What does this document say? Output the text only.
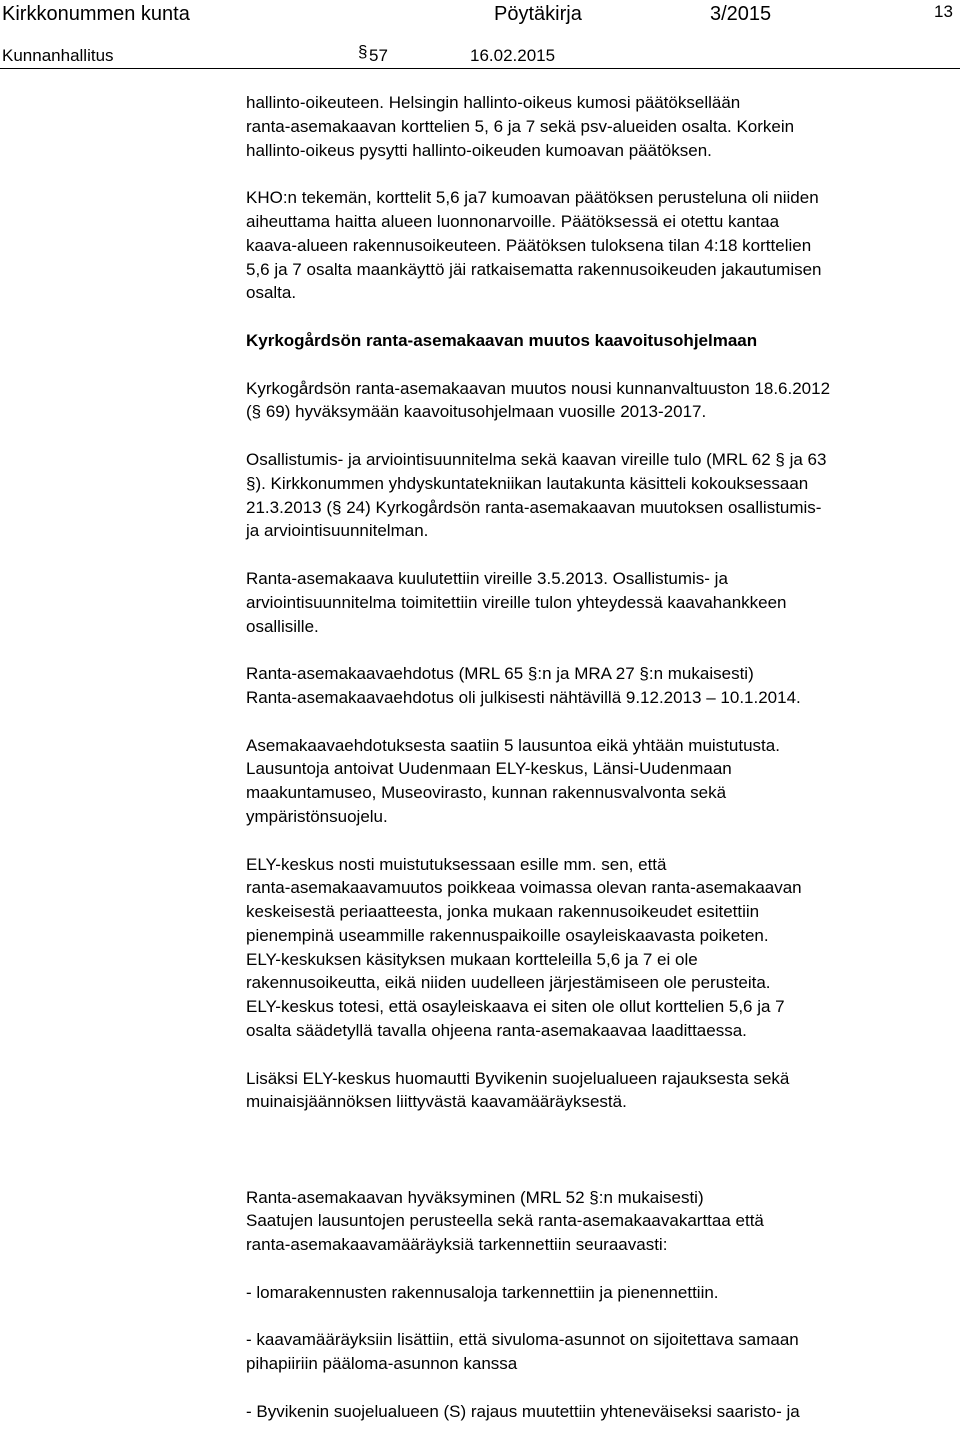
Kirkkonummen kunta	Pöytäkirja	3/2015	13
Kunnanhallitus	§ 57	16.02.2015
hallinto-oikeuteen. Helsingin hallinto-oikeus kumosi päätöksellään
ranta-asemakaavan korttelien 5, 6 ja 7 sekä psv-alueiden osalta. Korkein
hallinto-oikeus pysytti hallinto-oikeuden kumoavan päätöksen.
KHO:n tekemän, korttelit 5,6 ja7 kumoavan päätöksen perusteluna oli niiden
aiheuttama haitta alueen luonnonarvoille. Päätöksessä ei otettu kantaa
kaava-alueen rakennusoikeuteen. Päätöksen tuloksena tilan 4:18 korttelien
5,6 ja 7 osalta maankäyttö jäi ratkaisematta rakennusoikeuden jakautumisen
osalta.
Kyrkogårdsön ranta-asemakaavan muutos kaavoitusohjelmaan
Kyrkogårdsön ranta-asemakaavan muutos nousi kunnanvaltuuston 18.6.2012
(§ 69) hyväksymään kaavoitusohjelmaan vuosille 2013-2017.
Osallistumis- ja arviointisuunnitelma sekä kaavan vireille tulo (MRL 62 § ja 63
§). Kirkkonummen yhdyskuntatekniikan lautakunta käsitteli kokouksessaan
21.3.2013 (§ 24) Kyrkogårdsön ranta-asemakaavan muutoksen osallistumis-
ja arviointisuunnitelman.
Ranta-asemakaava kuulutettiin vireille 3.5.2013. Osallistumis- ja
arviointisuunnitelma toimitettiin vireille tulon yhteydessä kaavahankkeen
osallisille.
Ranta-asemakaavaehdotus (MRL 65 §:n ja MRA 27 §:n mukaisesti)
Ranta-asemakaavaehdotus oli julkisesti nähtävillä 9.12.2013 – 10.1.2014.
Asemakaavaehdotuksesta saatiin 5 lausuntoa eikä yhtään muistutusta.
Lausuntoja antoivat Uudenmaan ELY-keskus, Länsi-Uudenmaan
maakuntamuseo, Museovirasto, kunnan rakennusvalvonta sekä
ympäristönsuojelu.
ELY-keskus nosti muistutuksessaan esille mm. sen, että
ranta-asemakaavamuutos poikkeaa voimassa olevan ranta-asemakaavan
keskeisestä periaatteesta, jonka mukaan rakennusoikeudet esitettiin
pienempinä useammille rakennuspaikoille osayleiskaavasta poiketen.
ELY-keskuksen käsityksen mukaan kortteleilla 5,6 ja 7 ei ole
rakennusoikeutta, eikä niiden uudelleen järjestämiseen ole perusteita.
ELY-keskus totesi, että osayleiskaava ei siten ole ollut korttelien 5,6 ja 7
osalta säädetyllä tavalla ohjeena ranta-asemakaavaa laadittaessa.
Lisäksi ELY-keskus huomautti Byvikenin suojelualueen rajauksesta sekä
muinaisjäännöksen liittyvästä kaavamääräyksestä.
Ranta-asemakaavan hyväksyminen (MRL 52 §:n mukaisesti)
Saatujen lausuntojen perusteella sekä ranta-asemakaavakarttaa että
ranta-asemakaavamääräyksiä tarkennettiin seuraavasti:
- lomarakennusten rakennusaloja tarkennettiin ja pienennettiin.
- kaavamääräyksiin lisättiin, että sivuloma-asunnot on sijoitettava samaan
pihapiiriin pääloma-asunnon kanssa
- Byvikenin suojelualueen (S) rajaus muutettiin yhteneväiseksi saaristo- ja
